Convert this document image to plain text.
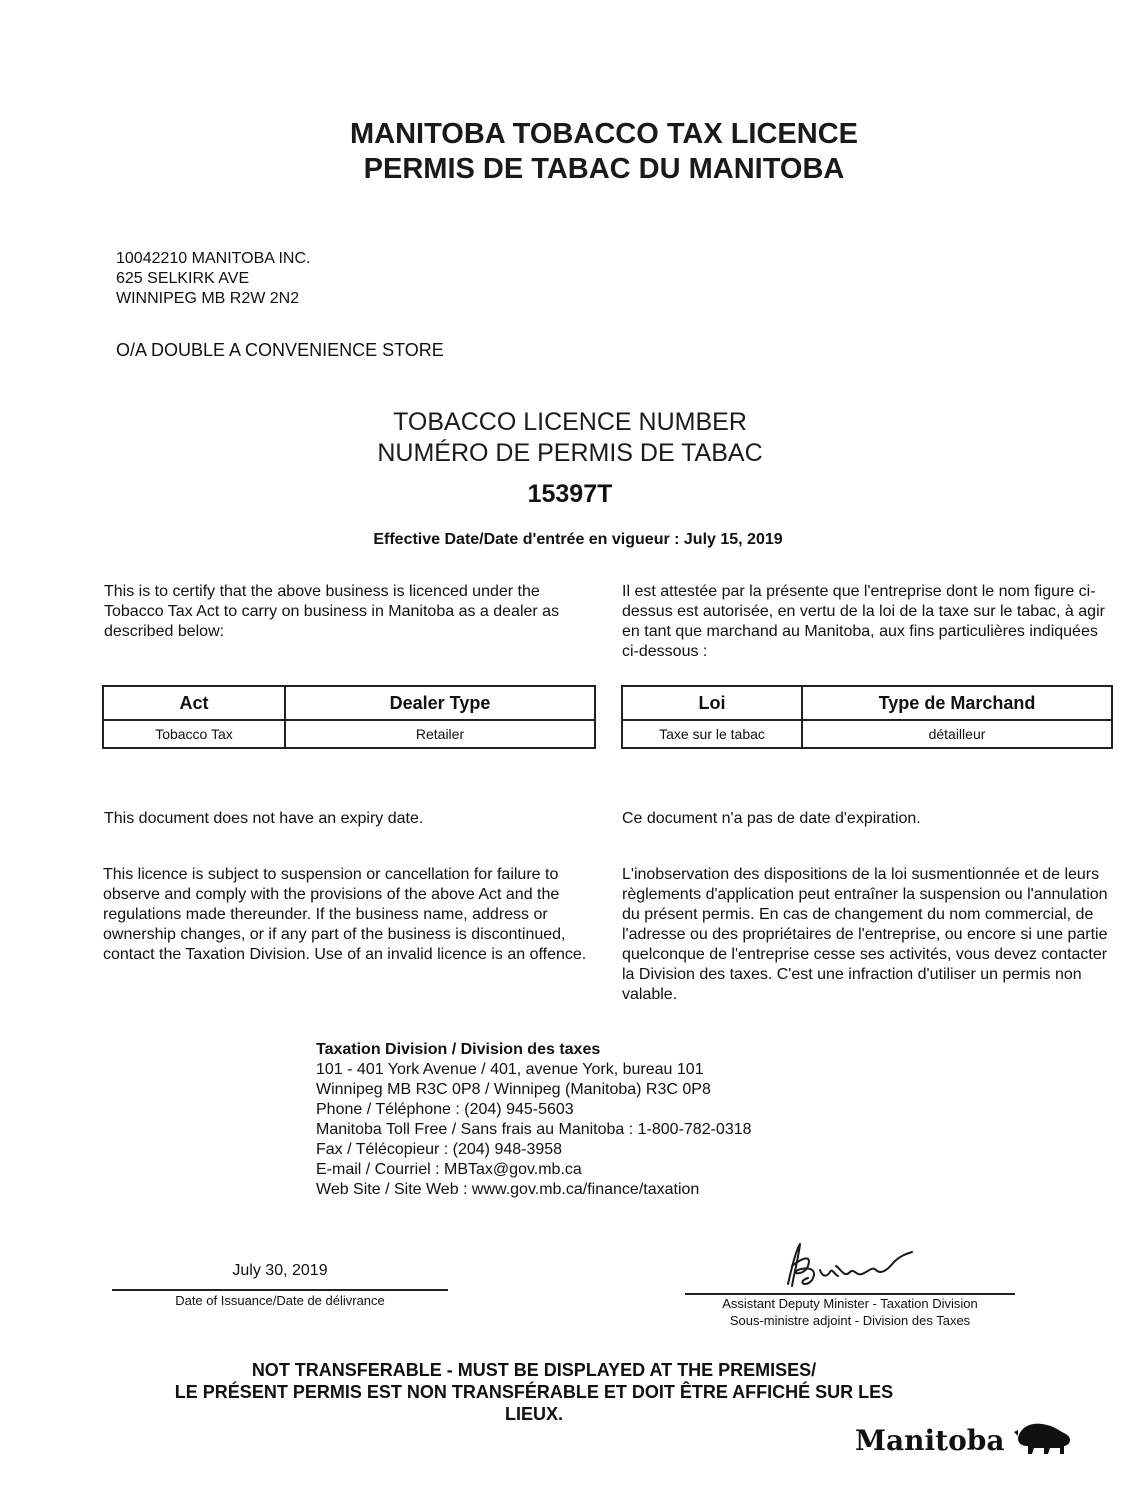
MANITOBA TOBACCO TAX LICENCE
PERMIS DE TABAC DU MANITOBA
10042210 MANITOBA INC.
625 SELKIRK AVE
WINNIPEG MB R2W 2N2
O/A DOUBLE A CONVENIENCE STORE
TOBACCO LICENCE NUMBER
NUMÉRO DE PERMIS DE TABAC
15397T
Effective Date/Date d'entrée en vigueur : July 15, 2019
This is to certify that the above business is licenced under the Tobacco Tax Act to carry on business in Manitoba as a dealer as described below:
Il est attestée par la présente que l'entreprise dont le nom figure ci-dessus est autorisée, en vertu de la loi de la taxe sur le tabac, à agir en tant que marchand au Manitoba, aux fins particulières indiquées ci-dessous :
Act	Dealer Type
Tobacco Tax	Retailer
Loi	Type de Marchand
Taxe sur le tabac	détailleur
This document does not have an expiry date.	Ce document n'a pas de date d'expiration.
This licence is subject to suspension or cancellation for failure to observe and comply with the provisions of the above Act and the regulations made thereunder. If the business name, address or ownership changes, or if any part of the business is discontinued, contact the Taxation Division. Use of an invalid licence is an offence.
L'inobservation des dispositions de la loi susmentionnée et de leurs règlements d'application peut entraîner la suspension ou l'annulation du présent permis. En cas de changement du nom commercial, de l'adresse ou des propriétaires de l'entreprise, ou encore si une partie quelconque de l'entreprise cesse ses activités, vous devez contacter la Division des taxes. C'est une infraction d'utiliser un permis non valable.
Taxation Division / Division des taxes
101 - 401 York Avenue / 401, avenue York, bureau 101
Winnipeg MB R3C 0P8 / Winnipeg (Manitoba) R3C 0P8
Phone / Téléphone : (204) 945-5603
Manitoba Toll Free / Sans frais au Manitoba : 1-800-782-0318
Fax / Télécopieur : (204) 948-3958
E-mail / Courriel : MBTax@gov.mb.ca
Web Site / Site Web : www.gov.mb.ca/finance/taxation
July 30, 2019
Date of Issuance/Date de délivrance	Assistant Deputy Minister - Taxation Division
Sous-ministre adjoint - Division des Taxes
NOT TRANSFERABLE - MUST BE DISPLAYED AT THE PREMISES/
LE PRÉSENT PERMIS EST NON TRANSFÉRABLE ET DOIT ÊTRE AFFICHÉ SUR LES
LIEUX.
Manitoba
